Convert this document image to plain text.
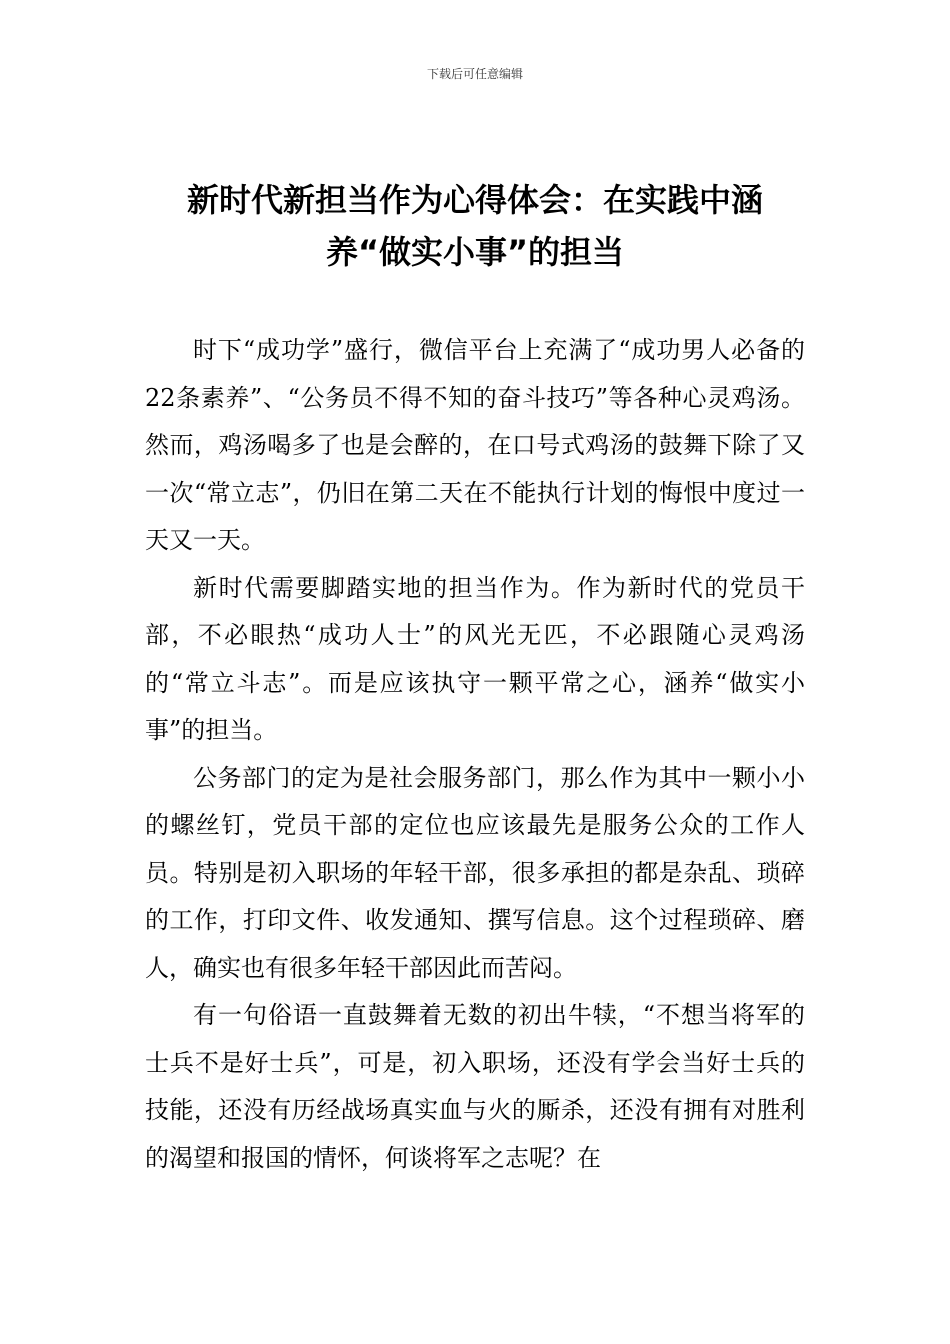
下载后可任意编辑
新时代新担当作为心得体会：在实践中涵养“做实小事”的担当

时下“成功学”盛行，微信平台上充满了“成功男人必备的22条素养”、“公务员不得不知的奋斗技巧”等各种心灵鸡汤。然而，鸡汤喝多了也是会醉的，在口号式鸡汤的鼓舞下除了又一次“常立志”，仍旧在第二天在不能执行计划的悔恨中度过一天又一天。

新时代需要脚踏实地的担当作为。作为新时代的党员干部，不必眼热“成功人士”的风光无匹，不必跟随心灵鸡汤的“常立斗志”。而是应该执守一颗平常之心，涵养“做实小事”的担当。

公务部门的定为是社会服务部门，那么作为其中一颗小小的螺丝钉，党员干部的定位也应该最先是服务公众的工作人员。特别是初入职场的年轻干部，很多承担的都是杂乱、琐碎的工作，打印文件、收发通知、撰写信息。这个过程琐碎、磨人，确实也有很多年轻干部因此而苦闷。

有一句俗语一直鼓舞着无数的初出牛犊，“不想当将军的士兵不是好士兵”，可是，初入职场，还没有学会当好士兵的技能，还没有历经战场真实血与火的厮杀，还没有拥有对胜利的渴望和报国的情怀，何谈将军之志呢？在
